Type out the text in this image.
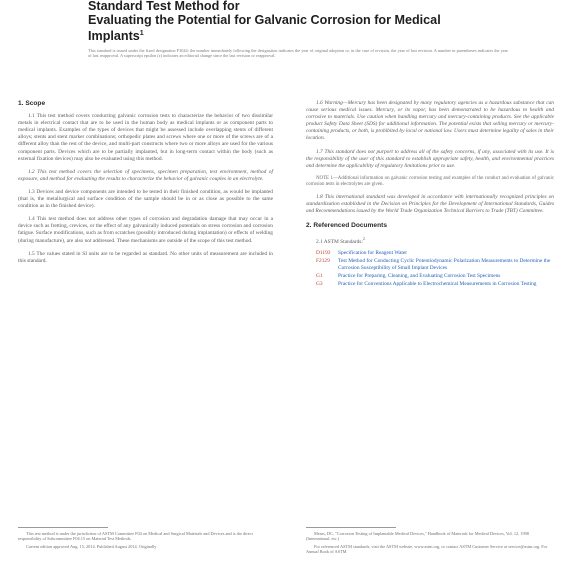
Standard Test Method for
Evaluating the Potential for Galvanic Corrosion for Medical
Implants$^1$
This standard is issued under the fixed designation F3044; the number immediately following the designation indicates the year of original adoption or, in the case of revision, the year of last revision. A number in parentheses indicates the year of last reapproval. A superscript epsilon (ε) indicates an editorial change since the last revision or reapproval.
1. Scope

1.1 This test method covers conducting galvanic corrosion tests to characterize the behavior of two dissimilar metals in electrical contact that are to be used in the human body as medical implants or as component parts to medical implants. Examples of the types of devices that might be assessed include overlapping stents of different alloys; stents and stent marker combinations; orthopedic plates and screws where one or more of the screws are of a different alloy than the rest of the device, and multi-part constructs where two or more alloys are used for the various component parts. Devices which are to be partially implanted, but in long-term contact within the body (such as external fixation devices) may also be evaluated using this method.

1.2 This test method covers the selection of specimens, specimen preparation, test environment, method of exposure, and method for evaluating the results to characterize the behavior of galvanic couples in an electrolyte.

1.3 Devices and device components are intended to be tested in their finished condition, as would be implanted (that is, the metallurgical and surface condition of the sample should be in or as close as possible to the same condition as in the finished device).

1.4 This test method does not address other types of corrosion and degradation damage that may occur in a device such as fretting, crevices, or the effect of any galvanically induced potentials on stress corrosion and corrosion fatigue. Surface modifications, such as from scratches (possibly introduced during implantation) or effects of welding (during manufacture), are also not addressed. These mechanisms are outside of the scope of this test method.

1.5 The values stated in SI units are to be regarded as standard. No other units of measurement are included in this standard.

1.6 Warning—Mercury has been designated by many regulatory agencies as a hazardous substance that can cause serious medical issues. Mercury, or its vapor, has been demonstrated to be hazardous to health and corrosive to materials. Use caution when handling mercury and mercury-containing products. See the applicable product Safety Data Sheet (SDS) for additional information. The potential exists that selling mercury or mercury-containing products, or both, is prohibited by local or national law. Users must determine legality of sales in their location.

1.7 This standard does not purport to address all of the safety concerns, if any, associated with its use. It is the responsibility of the user of this standard to establish appropriate safety, health, and environmental practices and determine the applicability of regulatory limitations prior to use.

NOTE 1—Additional information on galvanic corrosion testing and examples of the conduct and evaluation of galvanic corrosion tests in electrolytes are given.

1.8 This international standard was developed in accordance with internationally recognized principles on standardization established in the Decision on Principles for the Development of International Standards, Guides and Recommendations issued by the World Trade Organization Technical Barriers to Trade (TBT) Committee.

2. Referenced Documents
2.1 ASTM Standards:$^2$
D1193	Specification for Reagent Water
F2129	Test Method for Conducting Cyclic Potentiodynamic Polarization Measurements to Determine the Corrosion Susceptibility of Small Implant Devices
G1	Practice for Preparing, Cleaning, and Evaluating Corrosion Test Specimens
G3	Practice for Conventions Applicable to Electrochemical Measurements in Corrosion Testing

This test method is under the jurisdiction of ASTM Committee F04 on Medical and Surgical Materials and Devices and is the direct responsibility of Subcommittee F04.15 on Material Test Methods.

Current edition approved Aug. 15, 2014. Published August 2014. Originally

Mears, DC, "Corrosion Testing of Implantable Medical Devices," Handbook of Materials for Medical Devices, Vol. 12, 1998 (International, etc.)

For referenced ASTM standards, visit the ASTM website, www.astm.org, or contact ASTM Customer Service at service@astm.org. For Annual Book of ASTM
